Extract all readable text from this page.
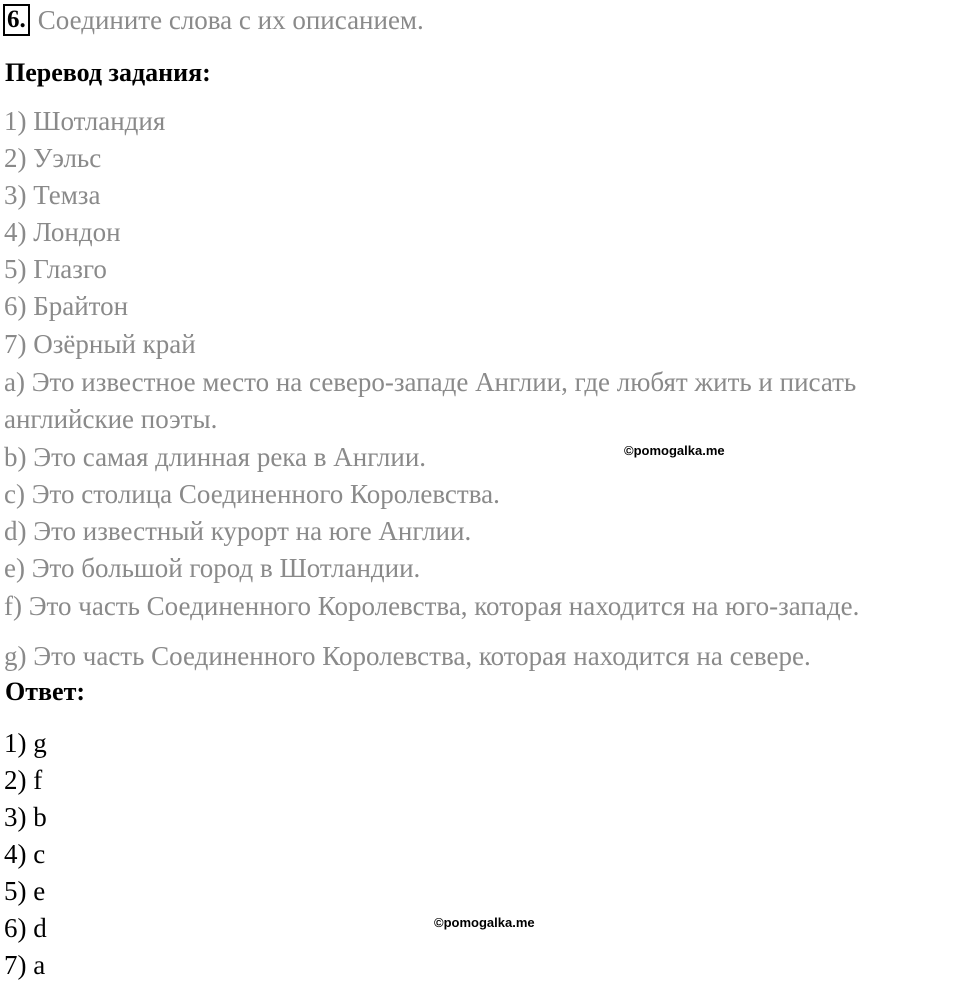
6. Соедините слова с их описанием.
Перевод задания:
1) Шотландия
2) Уэльс
3) Темза
4) Лондон
5) Глазго
6) Брайтон
7) Озёрный край
a) Это известное место на северо-западе Англии, где любят жить и писать
английские поэты.
b) Это самая длинная река в Англии.
c) Это столица Соединенного Королевства.
d) Это известный курорт на юге Англии.
e) Это большой город в Шотландии.
f) Это часть Соединенного Королевства, которая находится на юго-западе.
g) Это часть Соединенного Королевства, которая находится на севере.
Ответ:
1) g
2) f
3) b
4) c
5) e
6) d
7) a
©pomogalka.me
©pomogalka.me
